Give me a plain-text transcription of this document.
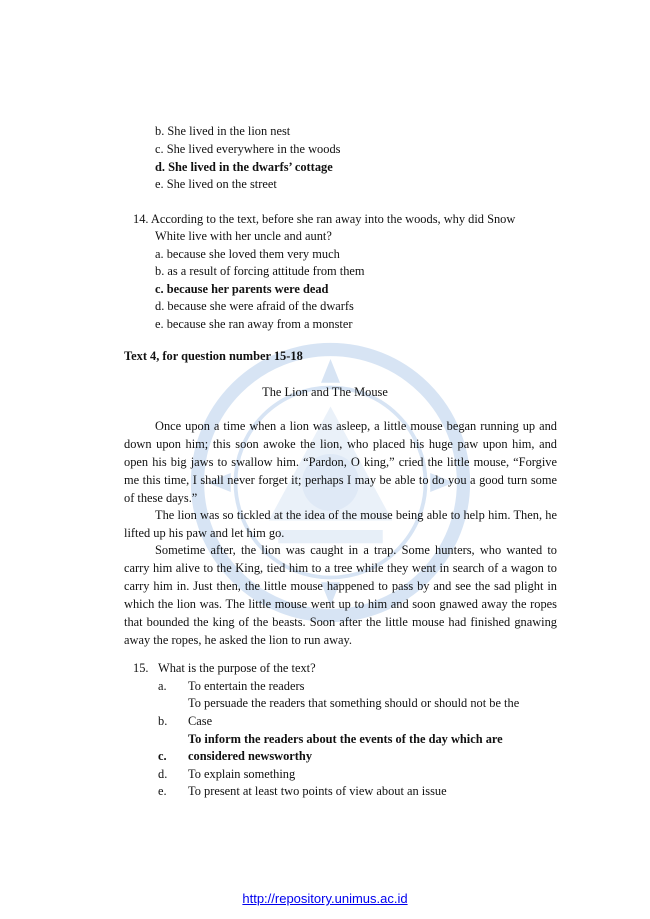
b. She lived in the lion nest
c. She lived everywhere in the woods
d. She lived in the dwarfs’ cottage
e. She lived on the street
14. According to the text, before she ran away into the woods, why did Snow
White live with her uncle and aunt?
a. because she loved them very much
b. as a result of forcing attitude from them
c. because her parents were dead
d. because she were afraid of the dwarfs
e. because she ran away from a monster
Text 4, for question number 15-18
The Lion and The Mouse
Once upon a time when a lion was asleep, a little mouse began running up and down upon him; this soon awoke the lion, who placed his huge paw upon him, and open his big jaws to swallow him. “Pardon, O king,” cried the little mouse, “Forgive me this time, I shall never forget it; perhaps I may be able to do you a good turn some of these days.”
The lion was so tickled at the idea of the mouse being able to help him. Then, he lifted up his paw and let him go.
Sometime after, the lion was caught in a trap. Some hunters, who wanted to carry him alive to the King, tied him to a tree while they went in search of a wagon to carry him in. Just then, the little mouse happened to pass by and see the sad plight in which the lion was. The little mouse went up to him and soon gnawed away the ropes that bounded the king of the beasts. Soon after the little mouse had finished gnawing away the ropes, he asked the lion to run away.
15. What is the purpose of the text?
a. To entertain the readers
To persuade the readers that something should or should not be the
b. Case
To inform the readers about the events of the day which are
c. considered newsworthy
d. To explain something
e. To present at least two points of view about an issue
http://repository.unimus.ac.id
